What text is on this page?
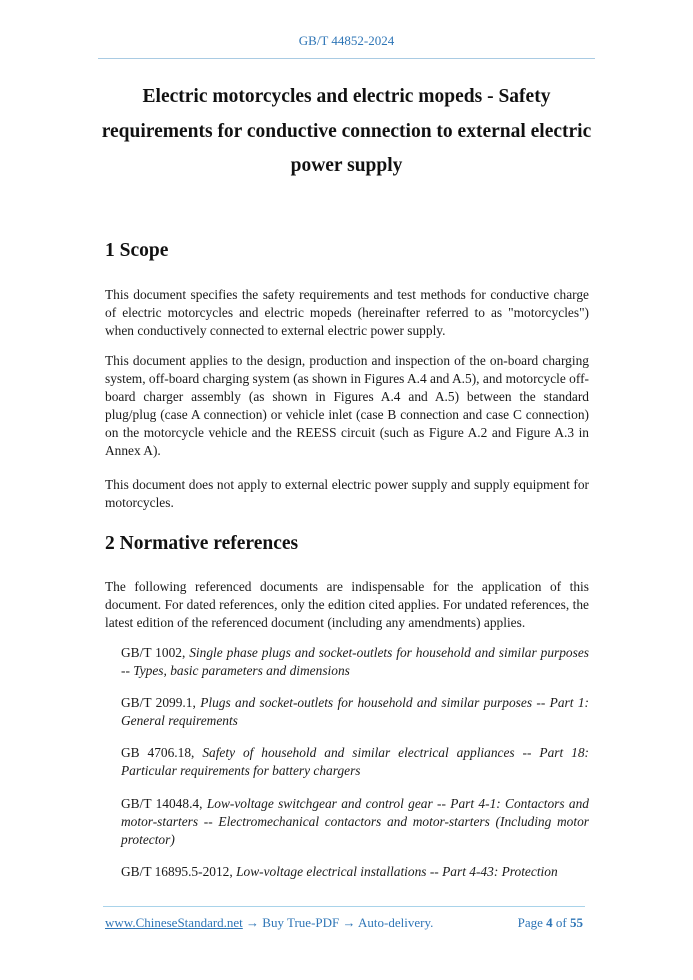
GB/T 44852-2024
Electric motorcycles and electric mopeds - Safety
requirements for conductive connection to external electric
power supply
1 Scope

This document specifies the safety requirements and test methods for conductive charge of electric motorcycles and electric mopeds (hereinafter referred to as "motorcycles") when conductively connected to external electric power supply.

This document applies to the design, production and inspection of the on-board charging system, off-board charging system (as shown in Figures A.4 and A.5), and motorcycle off-board charger assembly (as shown in Figures A.4 and A.5) between the standard plug/plug (case A connection) or vehicle inlet (case B connection and case C connection) on the motorcycle vehicle and the REESS circuit (such as Figure A.2 and Figure A.3 in Annex A).

This document does not apply to external electric power supply and supply equipment for motorcycles.

2 Normative references

The following referenced documents are indispensable for the application of this document. For dated references, only the edition cited applies. For undated references, the latest edition of the referenced document (including any amendments) applies.

GB/T 1002, Single phase plugs and socket-outlets for household and similar purposes -- Types, basic parameters and dimensions

GB/T 2099.1, Plugs and socket-outlets for household and similar purposes -- Part 1: General requirements

GB 4706.18, Safety of household and similar electrical appliances -- Part 18: Particular requirements for battery chargers

GB/T 14048.4, Low-voltage switchgear and control gear -- Part 4-1: Contactors and motor-starters -- Electromechanical contactors and motor-starters (Including motor protector)

GB/T 16895.5-2012, Low-voltage electrical installations -- Part 4-43: Protection

www.ChineseStandard.net → Buy True-PDF → Auto-delivery.	Page 4 of 55
